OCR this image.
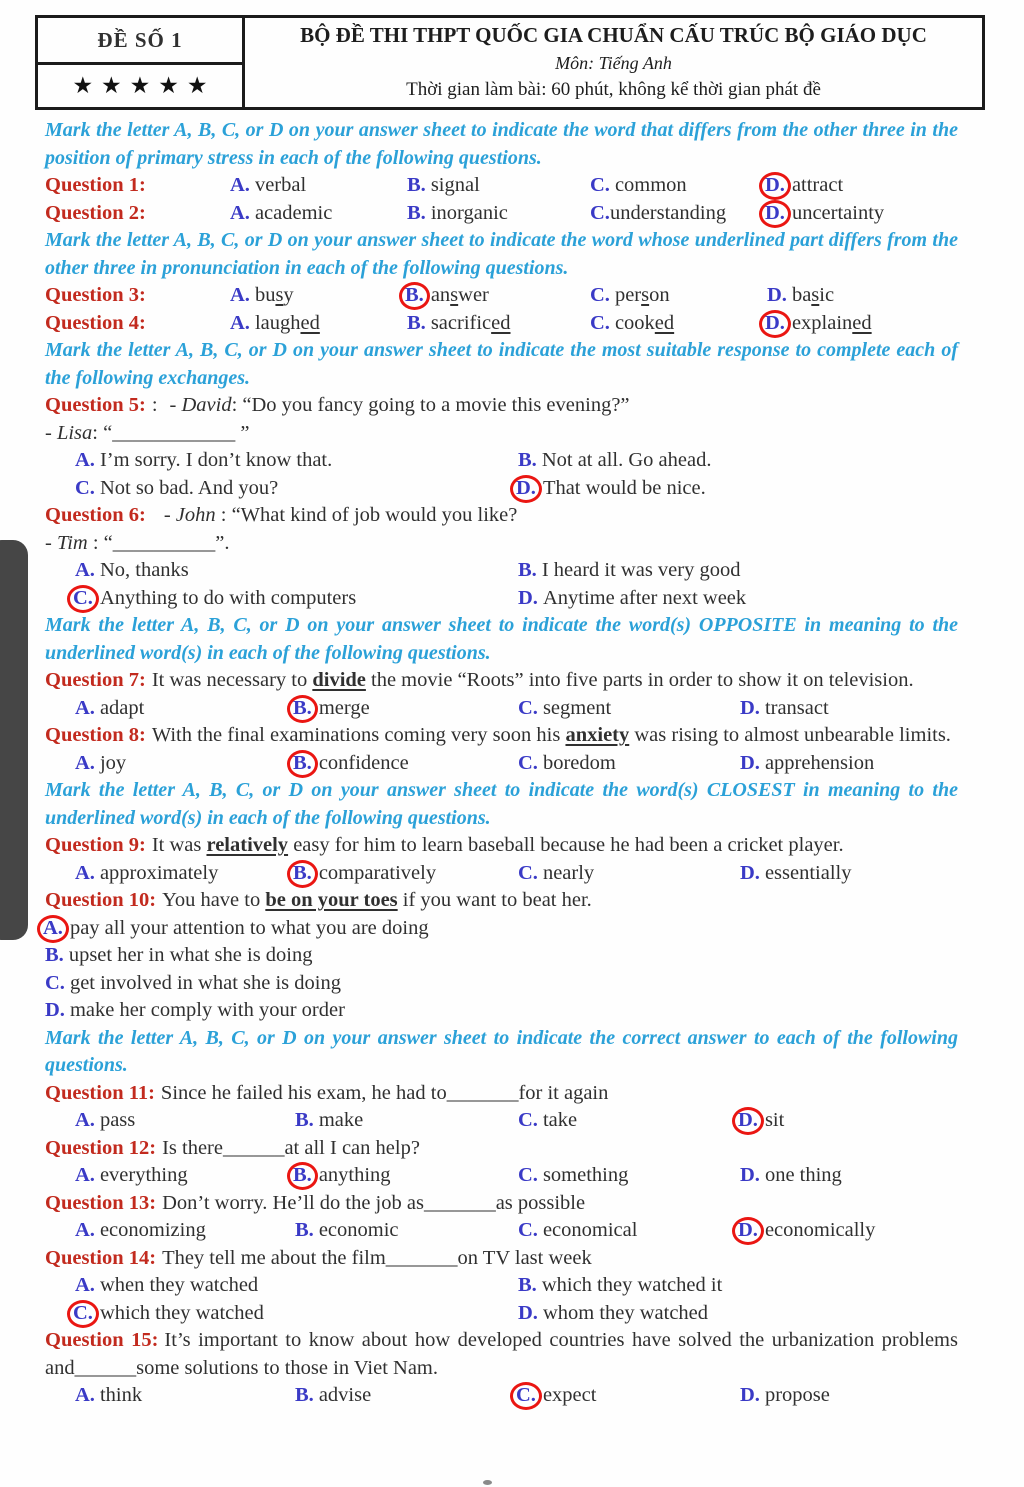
ĐỀ SỐ 1
★★★★★
BỘ ĐỀ THI THPT QUỐC GIA CHUẨN CẤU TRÚC BỘ GIÁO DỤC
Môn: Tiếng Anh
Thời gian làm bài: 60 phút, không kể thời gian phát đề

Mark the letter A, B, C, or D on your answer sheet to indicate the word that differs from the other three in the position of primary stress in each of the following questions.

Question 1:	A. verbal	B. signal	C. common	D. attract
Question 2:	A. academic	B. inorganic	C.understanding	D. uncertainty

Mark the letter A, B, C, or D on your answer sheet to indicate the word whose underlined part differs from the other three in pronunciation in each of the following questions.

Question 3:	A. busy	B. answer	C. person	D. basic
Question 4:	A. laughed	B. sacrificed	C. cooked	D. explained

Mark the letter A, B, C, or D on your answer sheet to indicate the most suitable response to complete each of the following exchanges.

Question 5: : - David: “Do you fancy going to a movie this evening?”

- Lisa: “____________ ”

A. I’m sorry. I don’t know that.	B. Not at all. Go ahead.
C. Not so bad. And you?	D. That would be nice.

Question 6: - John : “What kind of job would you like?

- Tim : “__________”.

A. No, thanks	B. I heard it was very good
C. Anything to do with computers	D. Anytime after next week

Mark the letter A, B, C, or D on your answer sheet to indicate the word(s) OPPOSITE in meaning to the underlined word(s) in each of the following questions.

Question 7: It was necessary to divide the movie “Roots” into five parts in order to show it on television.

A. adapt	B. merge	C. segment	D. transact

Question 8: With the final examinations coming very soon his anxiety was rising to almost unbearable limits.

A. joy	B. confidence	C. boredom	D. apprehension

Mark the letter A, B, C, or D on your answer sheet to indicate the word(s) CLOSEST in meaning to the underlined word(s) in each of the following questions.

Question 9: It was relatively easy for him to learn baseball because he had been a cricket player.

A. approximately	B. comparatively	C. nearly	D. essentially

Question 10: You have to be on your toes if you want to beat her.

A. pay all your attention to what you are doing

B. upset her in what she is doing

C. get involved in what she is doing

D. make her comply with your order

Mark the letter A, B, C, or D on your answer sheet to indicate the correct answer to each of the following questions.

Question 11: Since he failed his exam, he had to_______for it again

A. pass	B. make	C. take	D. sit

Question 12: Is there______at all I can help?

A. everything	B. anything	C. something	D. one thing

Question 13: Don’t worry. He’ll do the job as_______as possible

A. economizing	B. economic	C. economical	D. economically

Question 14: They tell me about the film_______on TV last week

A. when they watched	B. which they watched it
C. which they watched	D. whom they watched

Question 15: It’s important to know about how developed countries have solved the urbanization problems and______some solutions to those in Viet Nam.

A. think	B. advise	C. expect	D. propose
